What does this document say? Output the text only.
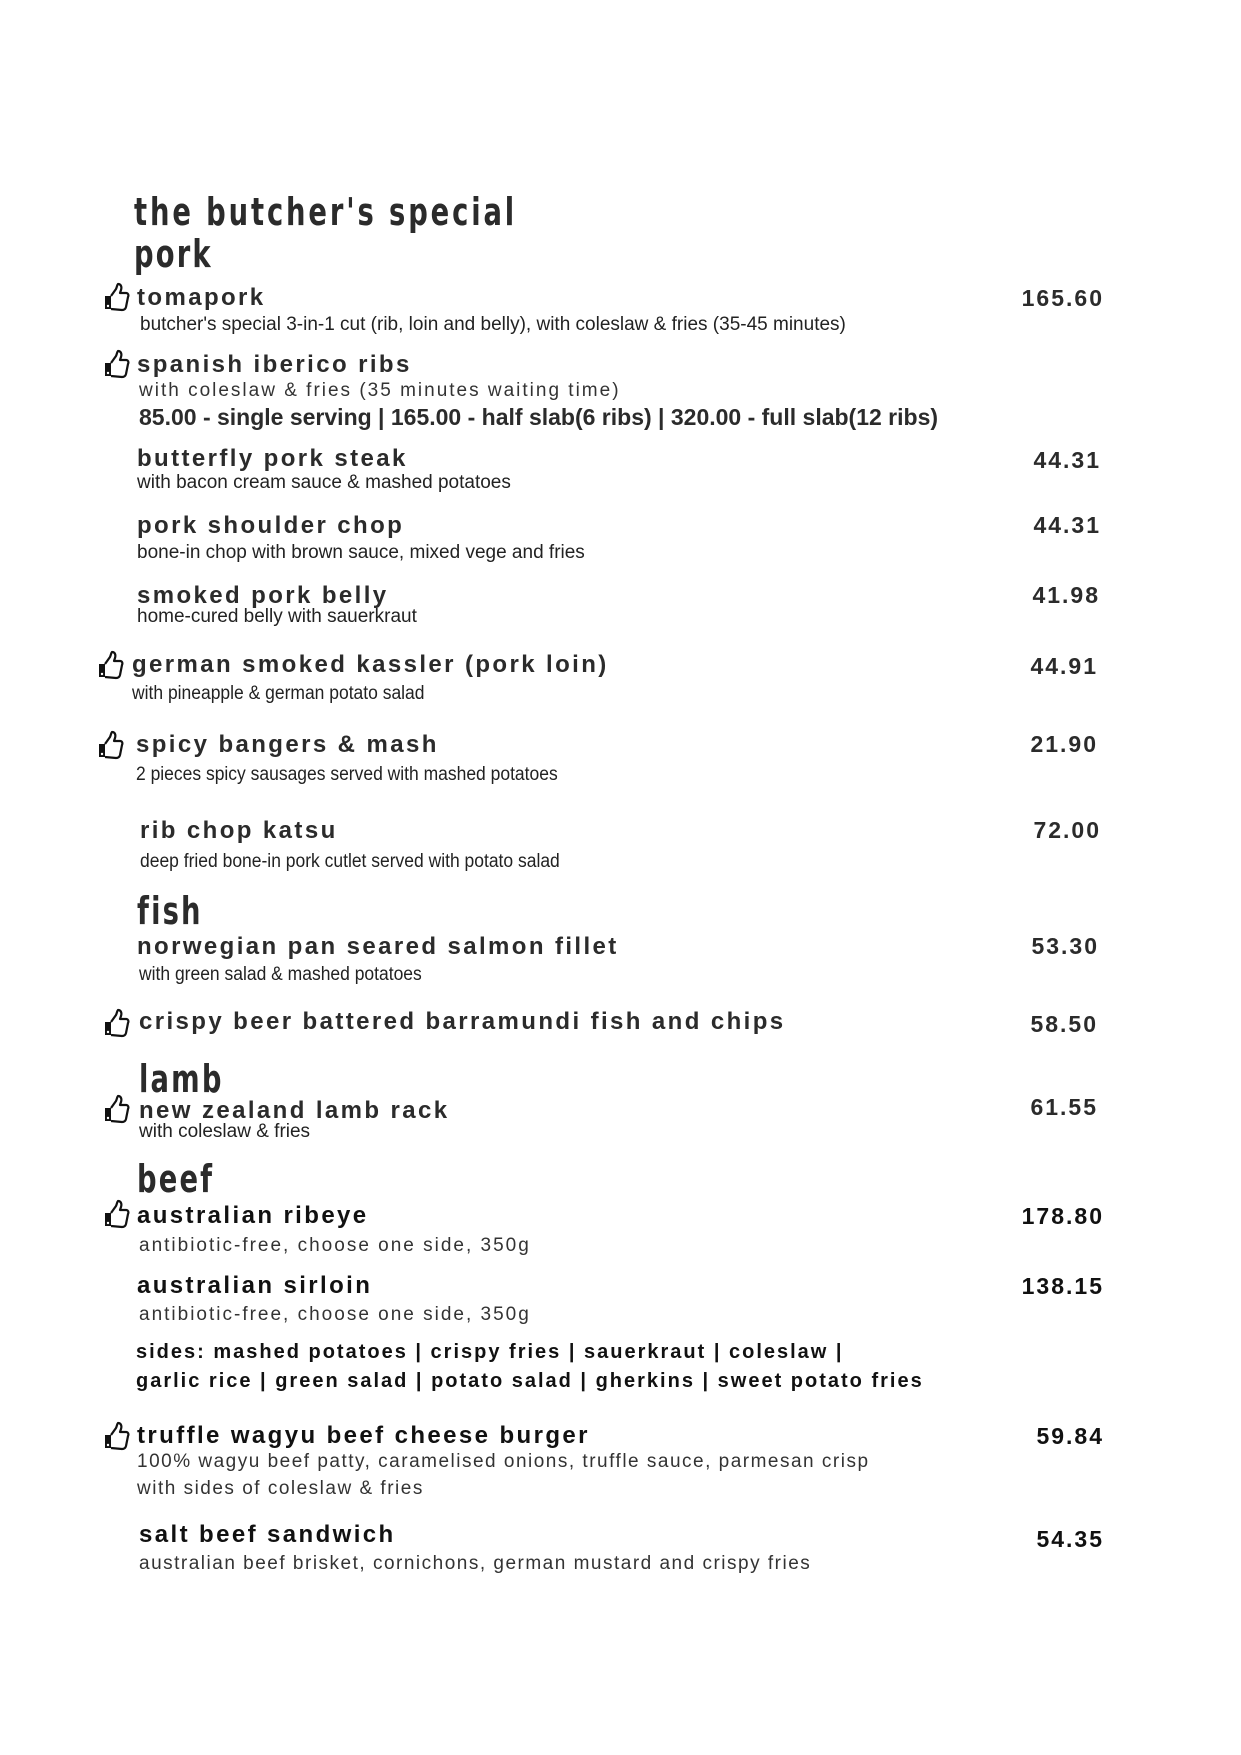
the butcher's special
pork
tomapork	165.60
butcher's special 3-in-1 cut (rib, loin and belly), with coleslaw & fries (35-45 minutes)
spanish iberico ribs
with coleslaw & fries (35 minutes waiting time)
85.00 - single serving | 165.00 - half slab(6 ribs) | 320.00 - full slab(12 ribs)
butterfly pork steak	44.31
with bacon cream sauce & mashed potatoes
pork shoulder chop	44.31
bone-in chop with brown sauce, mixed vege and fries
smoked pork belly	41.98
home-cured belly with sauerkraut
german smoked kassler (pork loin)	44.91
with pineapple & german potato salad
spicy bangers & mash	21.90
2 pieces spicy sausages served with mashed potatoes
rib chop katsu	72.00
deep fried bone-in pork cutlet served with potato salad
fish
norwegian pan seared salmon fillet	53.30
with green salad & mashed potatoes
crispy beer battered barramundi fish and chips	58.50
lamb
new zealand lamb rack	61.55
with coleslaw & fries
beef
australian ribeye	178.80
antibiotic-free, choose one side, 350g
australian sirloin	138.15
antibiotic-free, choose one side, 350g
sides: mashed potatoes | crispy fries | sauerkraut | coleslaw |
garlic rice | green salad | potato salad | gherkins | sweet potato fries
truffle wagyu beef cheese burger	59.84
100% wagyu beef patty, caramelised onions, truffle sauce, parmesan crisp
with sides of coleslaw & fries
salt beef sandwich	54.35
australian beef brisket, cornichons, german mustard and crispy fries
